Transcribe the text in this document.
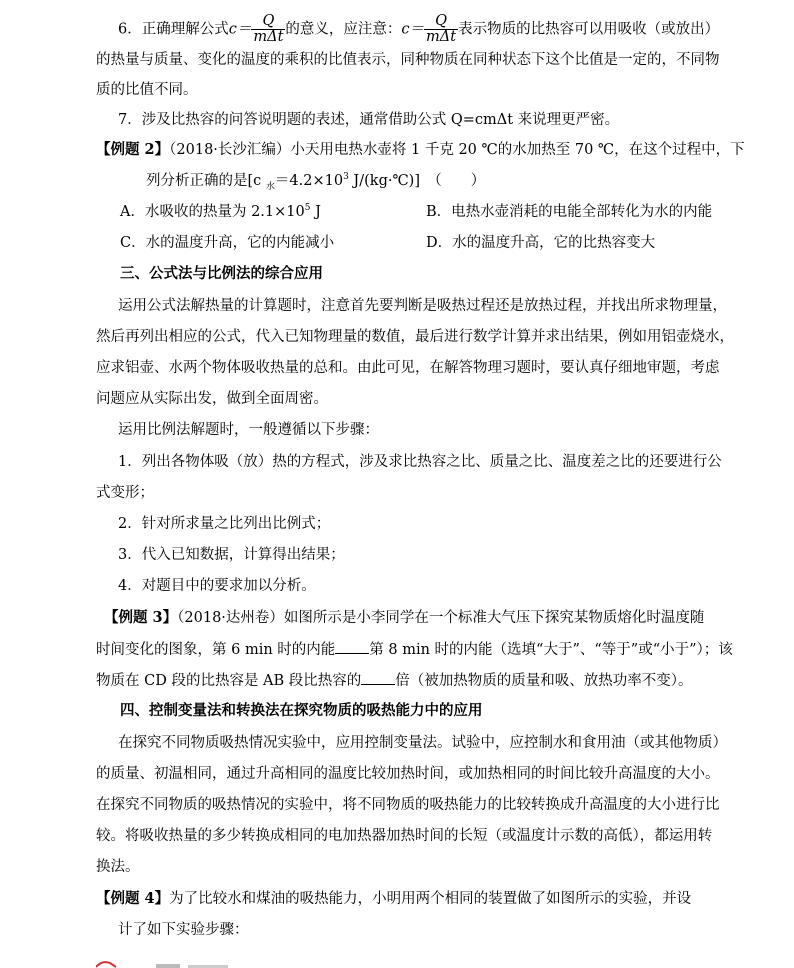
6．正确理解公式$c= \frac{Q}{\text{mΔt}}$ 的意义，应注意：$c= \frac{Q}{\text{mΔt}}$ 表示物质的比热容可以用吸收（或放出）
的热量与质量、变化的温度的乘积的比值表示，同种物质在同种状态下这个比值是一定的，不同物
质的比值不同。
7．涉及比热容的问答说明题的表述，通常借助公式 Q=cmΔt 来说理更严密。
【例题 2】（2018·长沙汇编）小天用电热水壶将 1 千克 20 ℃的水加热至 70 ℃，在这个过程中，下
列分析正确的是[c $_水=4.2\times 10^3$ J/(kg·℃)]　（　　）
A．水吸收的热量为 $2.1\times 10^5$ J	B．电热水壶消耗的电能全部转化为水的内能
C．水的温度升高，它的内能减小	D．水的温度升高，它的比热容变大
三、公式法与比例法的综合应用
运用公式法解热量的计算题时，注意首先要判断是吸热过程还是放热过程，并找出所求物理量，
然后再列出相应的公式，代入已知物理量的数值，最后进行数学计算并求出结果，例如用铝壶烧水，
应求铝壶、水两个物体吸收热量的总和。由此可见，在解答物理习题时，要认真仔细地审题，考虑
问题应从实际出发，做到全面周密。
运用比例法解题时，一般遵循以下步骤：
1．列出各物体吸（放）热的方程式，涉及求比热容之比、质量之比、温度差之比的还要进行公
式变形；
2．针对所求量之比列出比例式；
3．代入已知数据，计算得出结果；
4．对题目中的要求加以分析。
【例题 3】（2018·达州卷）如图所示是小李同学在一个标准大气压下探究某物质熔化时温度随
时间变化的图象，第 6 min 时的内能 第 8 min 时的内能（选填“大于”、“等于”或“小于”）；该
物质在 CD 段的比热容是 AB 段比热容的 倍（被加热物质的质量和吸、放热功率不变）。
四、控制变量法和转换法在探究物质的吸热能力中的应用
在探究不同物质吸热情况实验中，应用控制变量法。试验中，应控制水和食用油（或其他物质）
的质量、初温相同，通过升高相同的温度比较加热时间，或加热相同的时间比较升高温度的大小。
在探究不同物质的吸热情况的实验中，将不同物质的吸热能力的比较转换成升高温度的大小进行比
较。将吸收热量的多少转换成相同的电加热器加热时间的长短（或温度计示数的高低），都运用转
换法。
【例题 4】为了比较水和煤油的吸热能力，小明用两个相同的装置做了如图所示的实验，并设
计了如下实验步骤：
